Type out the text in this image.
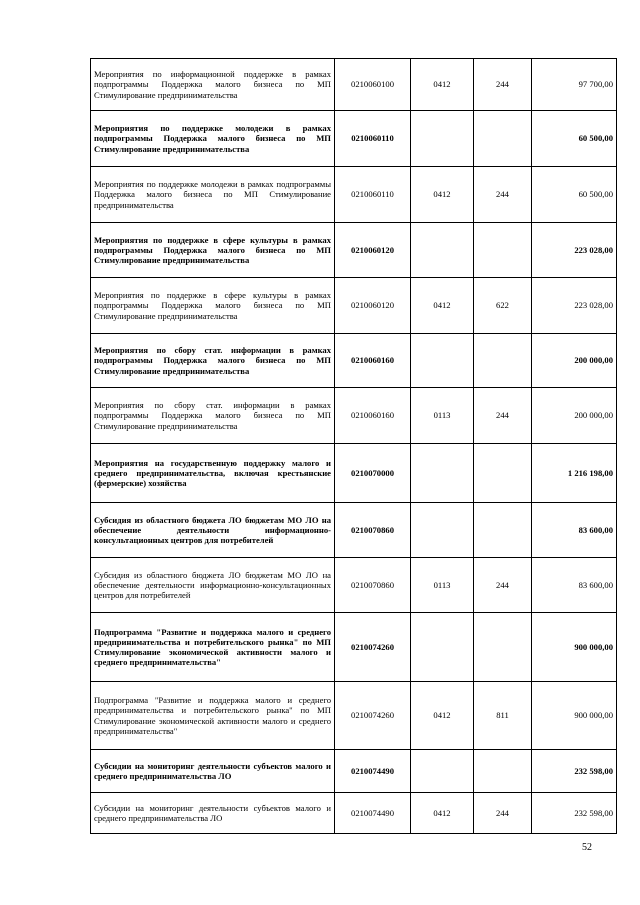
Мероприятия по информационной поддержке в рамках подпрограммы Поддержка малого бизнеса по МП Стимулирование предпринимательства	0210060100	0412	244	97 700,00
Мероприятия по поддержке молодежи в рамках подпрограммы Поддержка малого бизнеса по МП Стимулирование предпринимательства	0210060110			60 500,00
Мероприятия по поддержке молодежи в рамках подпрограммы Поддержка малого бизнеса по МП Стимулирование предпринимательства	0210060110	0412	244	60 500,00
Мероприятия по поддержке в сфере культуры в рамках подпрограммы Поддержка малого бизнеса по МП Стимулирование предпринимательства	0210060120			223 028,00
Мероприятия по поддержке в сфере культуры в рамках подпрограммы Поддержка малого бизнеса по МП Стимулирование предпринимательства	0210060120	0412	622	223 028,00
Мероприятия по сбору стат. информации в рамках подпрограммы Поддержка малого бизнеса по МП Стимулирование предпринимательства	0210060160			200 000,00
Мероприятия по сбору стат. информации в рамках подпрограммы Поддержка малого бизнеса по МП Стимулирование предпринимательства	0210060160	0113	244	200 000,00
Мероприятия на государственную поддержку малого и среднего предпринимательства, включая крестьянские (фермерские) хозяйства	0210070000			1 216 198,00
Субсидия из областного бюджета ЛО бюджетам МО ЛО на обеспечение деятельности информационно-консультационных центров для потребителей	0210070860			83 600,00
Субсидия из областного бюджета ЛО бюджетам МО ЛО на обеспечение деятельности информационно-консультационных центров для потребителей	0210070860	0113	244	83 600,00
Подпрограмма "Развитие и поддержка малого и среднего предпринимательства и потребительского рынка" по МП Стимулирование экономической активности малого и среднего предпринимательства"	0210074260			900 000,00
Подпрограмма "Развитие и поддержка малого и среднего предпринимательства и потребительского рынка" по МП Стимулирование экономической активности малого и среднего предпринимательства"	0210074260	0412	811	900 000,00
Субсидии на мониторинг деятельности субъектов малого и среднего предпринимательства ЛО	0210074490			232 598,00
Субсидии на мониторинг деятельности субъектов малого и среднего предпринимательства ЛО	0210074490	0412	244	232 598,00
52
